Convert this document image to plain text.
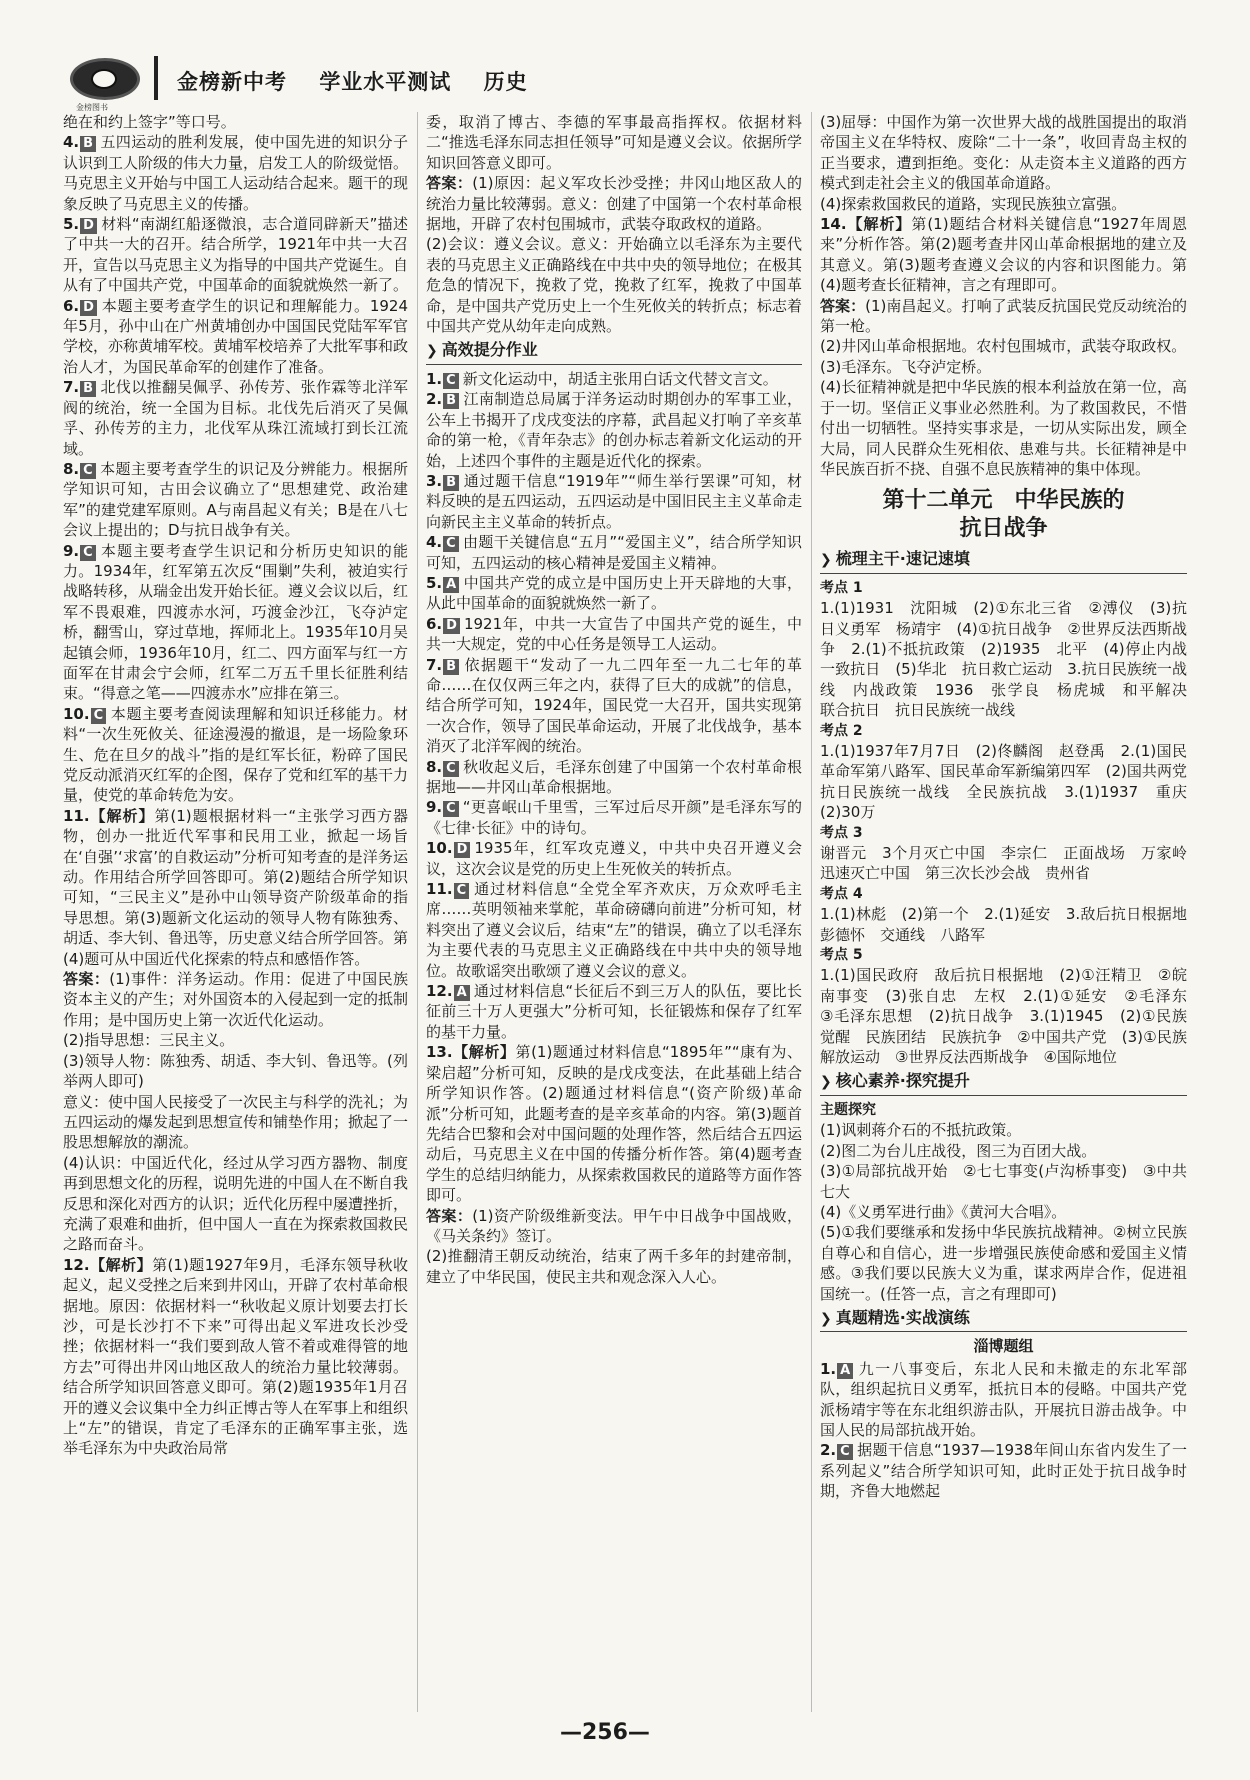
金榜图书
金榜新中考 学业水平测试 历史

绝在和约上签字”等口号。

4. B 五四运动的胜利发展，使中国先进的知识分子认识到工人阶级的伟大力量，启发工人的阶级觉悟。马克思主义开始与中国工人运动结合起来。题干的现象反映了马克思主义的传播。

5. D 材料“南湖红船逐微浪，志合道同辟新天”描述了中共一大的召开。结合所学，1921年中共一大召开，宣告以马克思主义为指导的中国共产党诞生。自从有了中国共产党，中国革命的面貌就焕然一新了。

6. D 本题主要考查学生的识记和理解能力。1924年5月，孙中山在广州黄埔创办中国国民党陆军军官学校，亦称黄埔军校。黄埔军校培养了大批军事和政治人才，为国民革命军的创建作了准备。

7. B 北伐以推翻吴佩孚、孙传芳、张作霖等北洋军阀的统治，统一全国为目标。北伐先后消灭了吴佩孚、孙传芳的主力，北伐军从珠江流域打到长江流域。

8. C 本题主要考查学生的识记及分辨能力。根据所学知识可知，古田会议确立了“思想建党、政治建军”的建党建军原则。A与南昌起义有关；B是在八七会议上提出的；D与抗日战争有关。

9. C 本题主要考查学生识记和分析历史知识的能力。1934年，红军第五次反“围剿”失利，被迫实行战略转移，从瑞金出发开始长征。遵义会议以后，红军不畏艰难，四渡赤水河，巧渡金沙江，飞夺泸定桥，翻雪山，穿过草地，挥师北上。1935年10月吴起镇会师，1936年10月，红二、四方面军与红一方面军在甘肃会宁会师，红军二万五千里长征胜利结束。“得意之笔——四渡赤水”应排在第三。

10. C 本题主要考查阅读理解和知识迁移能力。材料“一次生死攸关、征途漫漫的撤退，是一场险象环生、危在旦夕的战斗”指的是红军长征，粉碎了国民党反动派消灭红军的企图，保存了党和红军的基干力量，使党的革命转危为安。

11.【解析】第(1)题根据材料一“主张学习西方器物，创办一批近代军事和民用工业，掀起一场旨在‘自强’‘求富’的自救运动”分析可知考查的是洋务运动。作用结合所学回答即可。第(2)题结合所学知识可知，“三民主义”是孙中山领导资产阶级革命的指导思想。第(3)题新文化运动的领导人物有陈独秀、胡适、李大钊、鲁迅等，历史意义结合所学回答。第(4)题可从中国近代化探索的特点和感悟作答。

答案：(1)事件：洋务运动。作用：促进了中国民族资本主义的产生；对外国资本的入侵起到一定的抵制作用；是中国历史上第一次近代化运动。

(2)指导思想：三民主义。

(3)领导人物：陈独秀、胡适、李大钊、鲁迅等。(列举两人即可)

意义：使中国人民接受了一次民主与科学的洗礼；为五四运动的爆发起到思想宣传和铺垫作用；掀起了一股思想解放的潮流。

(4)认识：中国近代化，经过从学习西方器物、制度再到思想文化的历程，说明先进的中国人在不断自我反思和深化对西方的认识；近代化历程中屡遭挫折，充满了艰难和曲折，但中国人一直在为探索救国救民之路而奋斗。

12.【解析】第(1)题1927年9月，毛泽东领导秋收起义，起义受挫之后来到井冈山，开辟了农村革命根据地。原因：依据材料一“秋收起义原计划要去打长沙，可是长沙打不下来”可得出起义军进攻长沙受挫；依据材料一“我们要到敌人管不着或难得管的地方去”可得出井冈山地区敌人的统治力量比较薄弱。结合所学知识回答意义即可。第(2)题1935年1月召开的遵义会议集中全力纠正博古等人在军事上和组织上“左”的错误，肯定了毛泽东的正确军事主张，选举毛泽东为中央政治局常

委，取消了博古、李德的军事最高指挥权。依据材料二“推选毛泽东同志担任领导”可知是遵义会议。依据所学知识回答意义即可。

答案：(1)原因：起义军攻长沙受挫；井冈山地区敌人的统治力量比较薄弱。意义：创建了中国第一个农村革命根据地，开辟了农村包围城市，武装夺取政权的道路。

(2)会议：遵义会议。意义：开始确立以毛泽东为主要代表的马克思主义正确路线在中共中央的领导地位；在极其危急的情况下，挽救了党，挽救了红军，挽救了中国革命，是中国共产党历史上一个生死攸关的转折点；标志着中国共产党从幼年走向成熟。

❯ 高效提分作业

1. C 新文化运动中，胡适主张用白话文代替文言文。

2. B 江南制造总局属于洋务运动时期创办的军事工业，公车上书揭开了戊戌变法的序幕，武昌起义打响了辛亥革命的第一枪，《青年杂志》的创办标志着新文化运动的开始，上述四个事件的主题是近代化的探索。

3. B 通过题干信息“1919年”“师生举行罢课”可知，材料反映的是五四运动，五四运动是中国旧民主主义革命走向新民主主义革命的转折点。

4. C 由题干关键信息“五月”“爱国主义”，结合所学知识可知，五四运动的核心精神是爱国主义精神。

5. A 中国共产党的成立是中国历史上开天辟地的大事，从此中国革命的面貌就焕然一新了。

6. D 1921年，中共一大宣告了中国共产党的诞生，中共一大规定，党的中心任务是领导工人运动。

7. B 依据题干“发动了一九二四年至一九二七年的革命……在仅仅两三年之内，获得了巨大的成就”的信息，结合所学可知，1924年，国民党一大召开，国共实现第一次合作，领导了国民革命运动，开展了北伐战争，基本消灭了北洋军阀的统治。

8. C 秋收起义后，毛泽东创建了中国第一个农村革命根据地——井冈山革命根据地。

9. C “更喜岷山千里雪，三军过后尽开颜”是毛泽东写的《七律·长征》中的诗句。

10. D 1935年，红军攻克遵义，中共中央召开遵义会议，这次会议是党的历史上生死攸关的转折点。

11. C 通过材料信息“全党全军齐欢庆，万众欢呼毛主席……英明领袖来掌舵，革命磅礴向前进”分析可知，材料突出了遵义会议后，结束“左”的错误，确立了以毛泽东为主要代表的马克思主义正确路线在中共中央的领导地位。故歌谣突出歌颂了遵义会议的意义。

12. A 通过材料信息“长征后不到三万人的队伍，要比长征前三十万人更强大”分析可知，长征锻炼和保存了红军的基干力量。

13.【解析】第(1)题通过材料信息“1895年”“康有为、梁启超”分析可知，反映的是戊戌变法，在此基础上结合所学知识作答。(2)题通过材料信息“(资产阶级)革命派”分析可知，此题考查的是辛亥革命的内容。第(3)题首先结合巴黎和会对中国问题的处理作答，然后结合五四运动后，马克思主义在中国的传播分析作答。第(4)题考查学生的总结归纳能力，从探索救国救民的道路等方面作答即可。

答案：(1)资产阶级维新变法。甲午中日战争中国战败，《马关条约》签订。

(2)推翻清王朝反动统治，结束了两千多年的封建帝制，建立了中华民国，使民主共和观念深入人心。

(3)屈辱：中国作为第一次世界大战的战胜国提出的取消帝国主义在华特权、废除“二十一条”，收回青岛主权的正当要求，遭到拒绝。变化：从走资本主义道路的西方模式到走社会主义的俄国革命道路。

(4)探索救国救民的道路，实现民族独立富强。

14.【解析】第(1)题结合材料关键信息“1927年周恩来”分析作答。第(2)题考查井冈山革命根据地的建立及其意义。第(3)题考查遵义会议的内容和识图能力。第(4)题考查长征精神，言之有理即可。

答案：(1)南昌起义。打响了武装反抗国民党反动统治的第一枪。

(2)井冈山革命根据地。农村包围城市，武装夺取政权。

(3)毛泽东。飞夺泸定桥。

(4)长征精神就是把中华民族的根本利益放在第一位，高于一切。坚信正义事业必然胜利。为了救国救民，不惜付出一切牺牲。坚持实事求是，一切从实际出发，顾全大局，同人民群众生死相依、患难与共。长征精神是中华民族百折不挠、自强不息民族精神的集中体现。

第十二单元　中华民族的
抗日战争
❯ 梳理主干·速记速填

考点 1

1.(1)1931　沈阳城　(2)①东北三省　②溥仪　(3)抗日义勇军　杨靖宇　(4)①抗日战争　②世界反法西斯战争　2.(1)不抵抗政策　(2)1935　北平　(4)停止内战　一致抗日　(5)华北　抗日救亡运动　3.抗日民族统一战线　内战政策　1936　张学良　杨虎城　和平解决　联合抗日　抗日民族统一战线

考点 2

1.(1)1937年7月7日　(2)佟麟阁　赵登禹　2.(1)国民革命军第八路军、国民革命军新编第四军　(2)国共两党抗日民族统一战线　全民族抗战　3.(1)1937　重庆　(2)30万

考点 3

谢晋元　3个月灭亡中国　李宗仁　正面战场　万家岭　迅速灭亡中国　第三次长沙会战　贵州省

考点 4

1.(1)林彪　(2)第一个　2.(1)延安　3.敌后抗日根据地　彭德怀　交通线　八路军

考点 5

1.(1)国民政府　敌后抗日根据地　(2)①汪精卫　②皖南事变　(3)张自忠　左权　2.(1)①延安　②毛泽东　③毛泽东思想　(2)抗日战争　3.(1)1945　(2)①民族觉醒　民族团结　民族抗争　②中国共产党　(3)①民族解放运动　③世界反法西斯战争　④国际地位

❯ 核心素养·探究提升

主题探究

(1)讽刺蒋介石的不抵抗政策。

(2)图二为台儿庄战役，图三为百团大战。

(3)①局部抗战开始　②七七事变(卢沟桥事变)　③中共七大

(4)《义勇军进行曲》《黄河大合唱》。

(5)①我们要继承和发扬中华民族抗战精神。②树立民族自尊心和自信心，进一步增强民族使命感和爱国主义情感。③我们要以民族大义为重，谋求两岸合作，促进祖国统一。(任答一点，言之有理即可)

❯ 真题精选·实战演练

淄博题组

1. A 九一八事变后，东北人民和未撤走的东北军部队，组织起抗日义勇军，抵抗日本的侵略。中国共产党派杨靖宇等在东北组织游击队，开展抗日游击战争。中国人民的局部抗战开始。

2. C 据题干信息“1937—1938年间山东省内发生了一系列起义”结合所学知识可知，此时正处于抗日战争时期，齐鲁大地燃起

—256—
